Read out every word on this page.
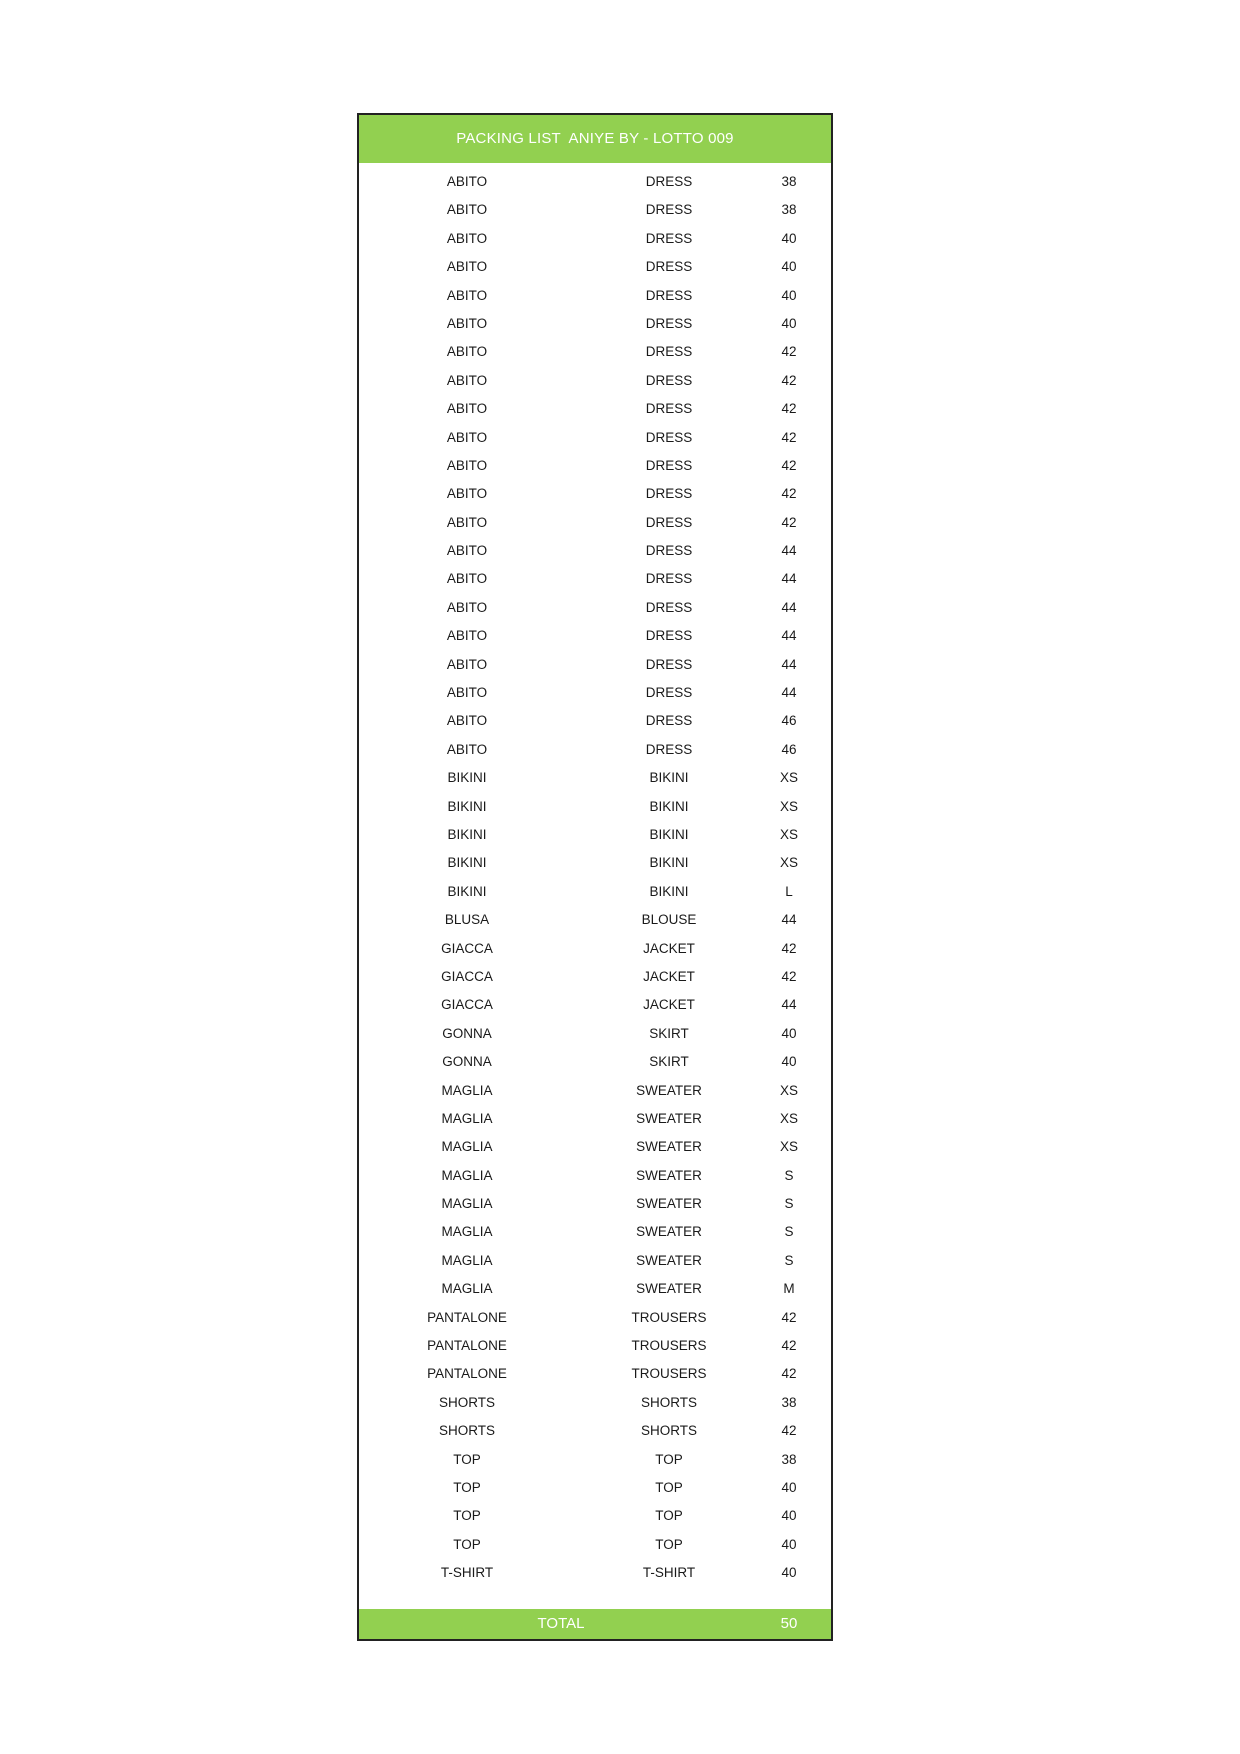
PACKING LIST  ANIYE BY - LOTTO 009
ABITO	DRESS	38
ABITO	DRESS	38
ABITO	DRESS	40
ABITO	DRESS	40
ABITO	DRESS	40
ABITO	DRESS	40
ABITO	DRESS	42
ABITO	DRESS	42
ABITO	DRESS	42
ABITO	DRESS	42
ABITO	DRESS	42
ABITO	DRESS	42
ABITO	DRESS	42
ABITO	DRESS	44
ABITO	DRESS	44
ABITO	DRESS	44
ABITO	DRESS	44
ABITO	DRESS	44
ABITO	DRESS	44
ABITO	DRESS	46
ABITO	DRESS	46
BIKINI	BIKINI	XS
BIKINI	BIKINI	XS
BIKINI	BIKINI	XS
BIKINI	BIKINI	XS
BIKINI	BIKINI	L
BLUSA	BLOUSE	44
GIACCA	JACKET	42
GIACCA	JACKET	42
GIACCA	JACKET	44
GONNA	SKIRT	40
GONNA	SKIRT	40
MAGLIA	SWEATER	XS
MAGLIA	SWEATER	XS
MAGLIA	SWEATER	XS
MAGLIA	SWEATER	S
MAGLIA	SWEATER	S
MAGLIA	SWEATER	S
MAGLIA	SWEATER	S
MAGLIA	SWEATER	M
PANTALONE	TROUSERS	42
PANTALONE	TROUSERS	42
PANTALONE	TROUSERS	42
SHORTS	SHORTS	38
SHORTS	SHORTS	42
TOP	TOP	38
TOP	TOP	40
TOP	TOP	40
TOP	TOP	40
T-SHIRT	T-SHIRT	40
TOTAL	50
